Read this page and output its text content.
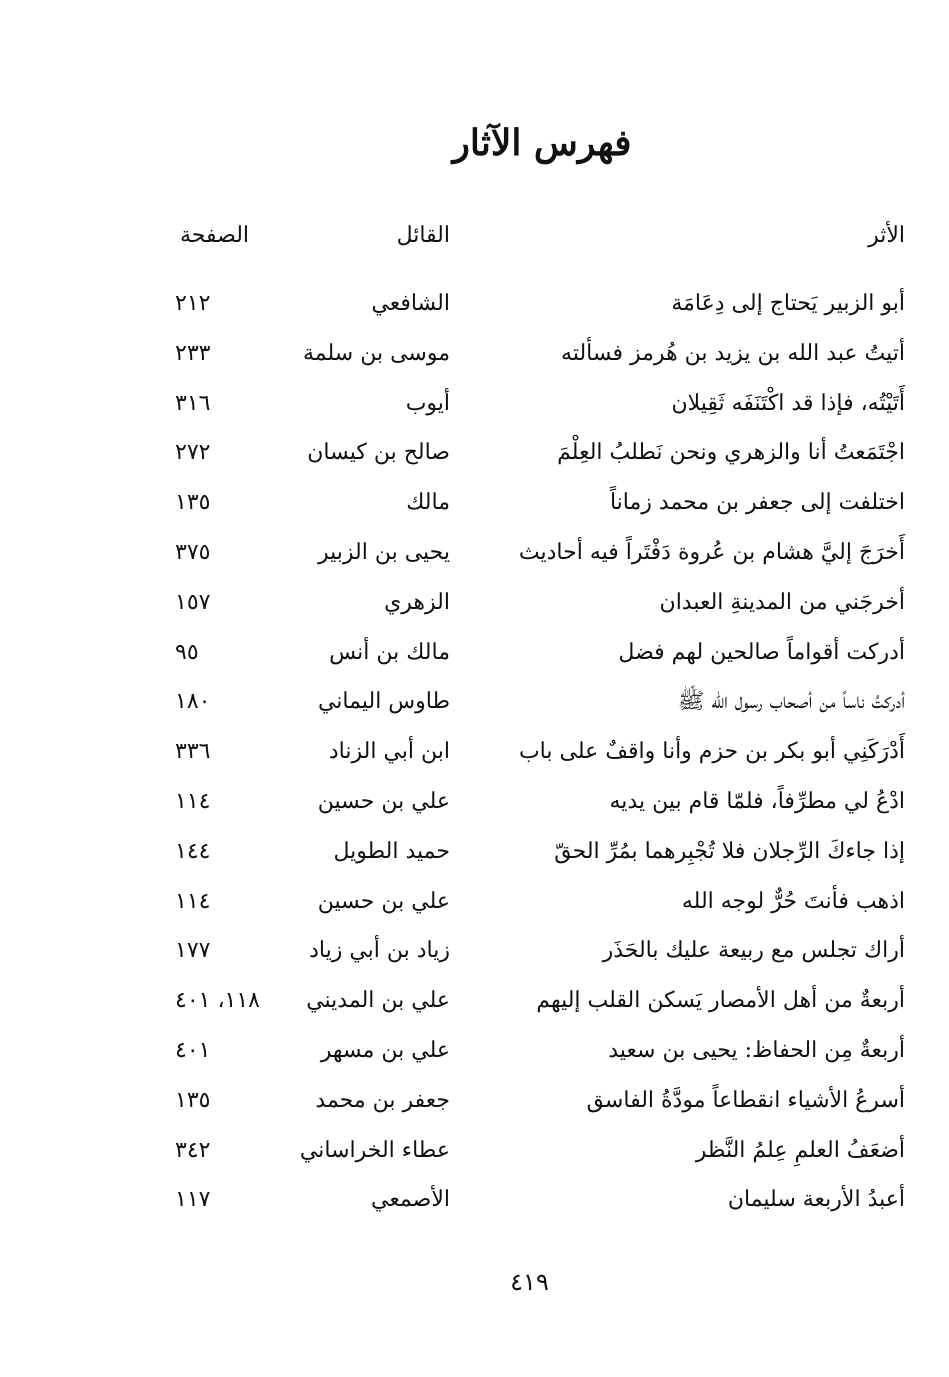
فهرس الآثار
الأثر
القائل
الصفحة
أبو الزبير يَحتاج إلى دِعَامَة
الشافعي
٢١٢
أتيتُ عبد الله بن يزيد بن هُرمز فسألته
موسى بن سلمة
٢٣٣
أَتَيْتُه، فإذا قد اكْتَنَفَه ثَقِيلان
أيوب
٣١٦
اجْتَمَعتُ أنا والزهري ونحن نَطلبُ العِلْمَ
صالح بن كيسان
٢٧٢
اختلفت إلى جعفر بن محمد زماناً
مالك
١٣٥
أَخرَجَ إليَّ هشام بن عُروة دَفْتَراً فيه أحاديث
يحيى بن الزبير
٣٧٥
أخرجَني من المدينةِ العبدان
الزهري
١٥٧
أدركت أقواماً صالحين لهم فضل
مالك بن أنس
٩٥
أدركتُ ناساً من أصحاب رسول الله ﷺ
طاوس اليماني
١٨٠
أَدْرَكَنِي أبو بكر بن حزم وأنا واقفٌ على باب
ابن أبي الزناد
٣٣٦
ادْعُ لي مطرِّفاً، فلمّا قام بين يديه
علي بن حسين
١١٤
إذا جاءكَ الرِّجلان فلا تُجْبِرهما بمُرِّ الحقّ
حميد الطويل
١٤٤
اذهب فأنتَ حُرٌّ لوجه الله
علي بن حسين
١١٤
أراك تجلس مع ربيعة عليك بالحَذَر
زياد بن أبي زياد
١٧٧
أربعةٌ من أهل الأمصار يَسكن القلب إليهم
علي بن المديني
١١٨، ٤٠١
أربعةٌ مِن الحفاظ: يحيى بن سعيد
علي بن مسهر
٤٠١
أسرعُ الأشياء انقطاعاً مودَّةُ الفاسق
جعفر بن محمد
١٣٥
أضعَفُ العلمِ عِلمُ النَّظر
عطاء الخراساني
٣٤٢
أعبدُ الأربعة سليمان
الأصمعي
١١٧
٤١٩
